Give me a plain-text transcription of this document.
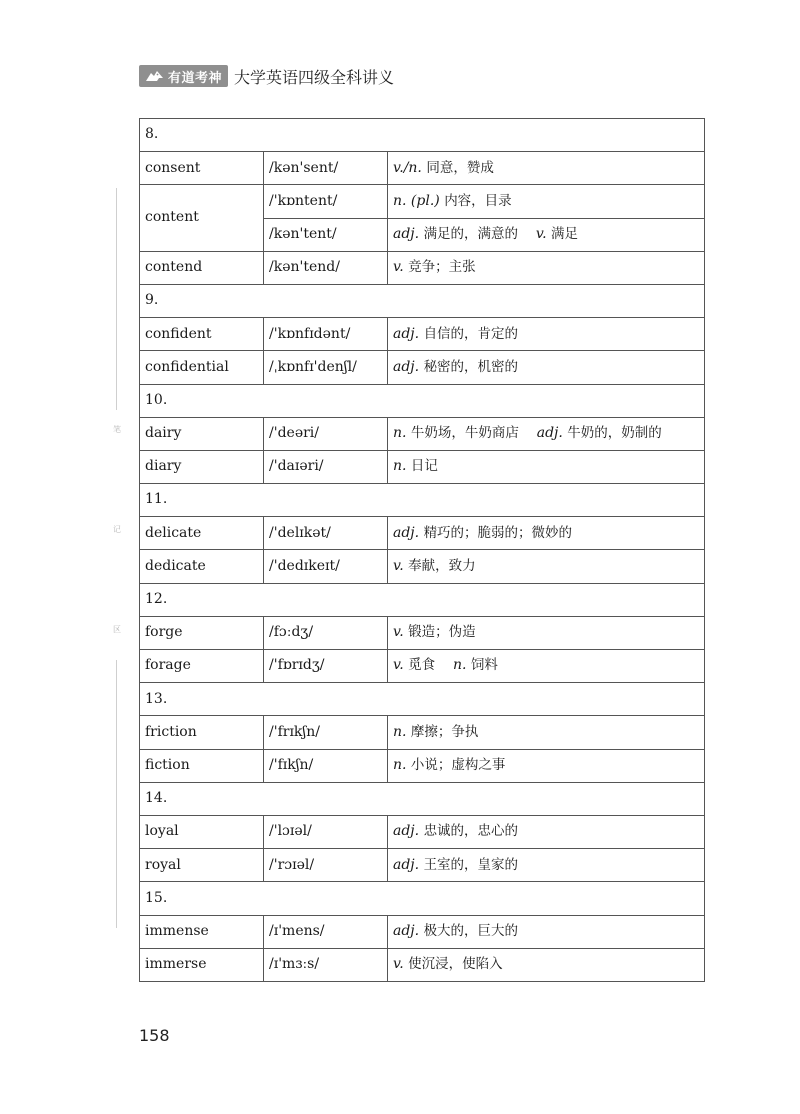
有道考神 大学英语四级全科讲义
笔
记
区
8.		
consent	/kən'sent/	v./n. 同意，赞成
content	/'kɒntent/	n. (pl.) 内容，目录
	/kən'tent/	adj. 满足的，满意的 v. 满足
contend	/kən'tend/	v. 竞争；主张
9.		
confident	/'kɒnfɪdənt/	adj. 自信的，肯定的
confidential	/ˌkɒnfɪ'denʃl/	adj. 秘密的，机密的
10.		
dairy	/'deəri/	n. 牛奶场，牛奶商店 adj. 牛奶的，奶制的
diary	/'daɪəri/	n. 日记
11.		
delicate	/'delɪkət/	adj. 精巧的；脆弱的；微妙的
dedicate	/'dedɪkeɪt/	v. 奉献，致力
12.		
forge	/fɔːdʒ/	v. 锻造；伪造
forage	/'fɒrɪdʒ/	v. 觅食 n. 饲料
13.		
friction	/'frɪkʃn/	n. 摩擦；争执
fiction	/'fɪkʃn/	n. 小说；虚构之事
14.		
loyal	/'lɔɪəl/	adj. 忠诚的，忠心的
royal	/'rɔɪəl/	adj. 王室的，皇家的
15.		
immense	/ɪ'mens/	adj. 极大的，巨大的
immerse	/ɪ'mɜːs/	v. 使沉浸，使陷入
158
